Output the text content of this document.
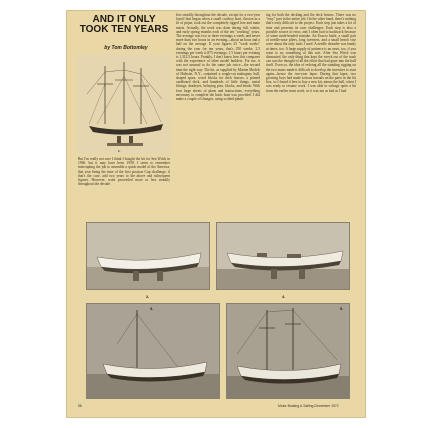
AND IT ONLY TOOK TEN YEARS
by Tom Bottomley
But I'm really not sure I think I bought the kit for Sea Witch in 1960, but it may have been 1958. I seem to remember interrupting the job to assemble a quick model of the America, that year being the time of the first postwar Cup challenge, if that's the case, add two years to the above and subsequent figures. However, work proceeded more or less steadily throughout the decade.
less steadily throughout the decade, except for a two-year layoff that began when a small cowboy boot, thrown in a fit of pique, took out the completely rigged fore and main masts. Actually, the work was done during fall, winter, and early spring months each of the ten "working" years. The average was two or three evenings a week, and never more than two hours in an evening—about an hour and a half on the average. If your figures 25 "work weeks" during the year for ten years, that's 250 weeks; 2.5 evenings per week is 875 evenings; 1.5 hours per evening is 1,312.5 hours. Frankly, I don't know how this compares with the experience of other model builders. For me, it was not unusual to do the same job twice—the second time the right way. The kit, as supplied by Marine Models of Halesite, N.Y., contained a rough-cut mahogany hull, shaped spars, wood blocks for deck houses, a printed cardboard deck, and hundreds of little things: metal fittings, deadeyes, belaying pins, blocks, and beads. With four large sheets of plans and instructions, everything necessary to complete the basic boat was provided. I did make a couple of changes, using scribed plank-
ing for both the decking and the deck houses. There was no "easy" part in the entire job. On the other hand, there's nothing that's truly difficult to the project. Each step just takes a lot of time and presents its own challenges. Each step is also a possible source of error, and I often had to backtrack because of some mule-headed mistake. An Exacto knife, a small pair of needle-nose pliers, long tweezers, and a small bench vise were about the only tools I used. A needle threader was handy at times, too. A large supply of patience is an asset, too, if you want to try something of this sort. After Sea Witch was dismasted, the only thing that kept the wreck out of the trash can was the thought of all the effort that had gone into the hull itself. Even so, the idea of redoing all the standing rigging on the two masts made it difficult to develop the incentive to start again—hence the two-year lapse. During that lapse, two growing boys had made serious inroads on the parts in the kit box, so I found it best to buy a new kit, minus the hull, when I was ready to resume work. I was able to salvage quite a bit from the earlier mast work, so it was not as bad as I had
2.	4.
3.	5.
1.
56	Motor Boating & Sailing-December 1972
